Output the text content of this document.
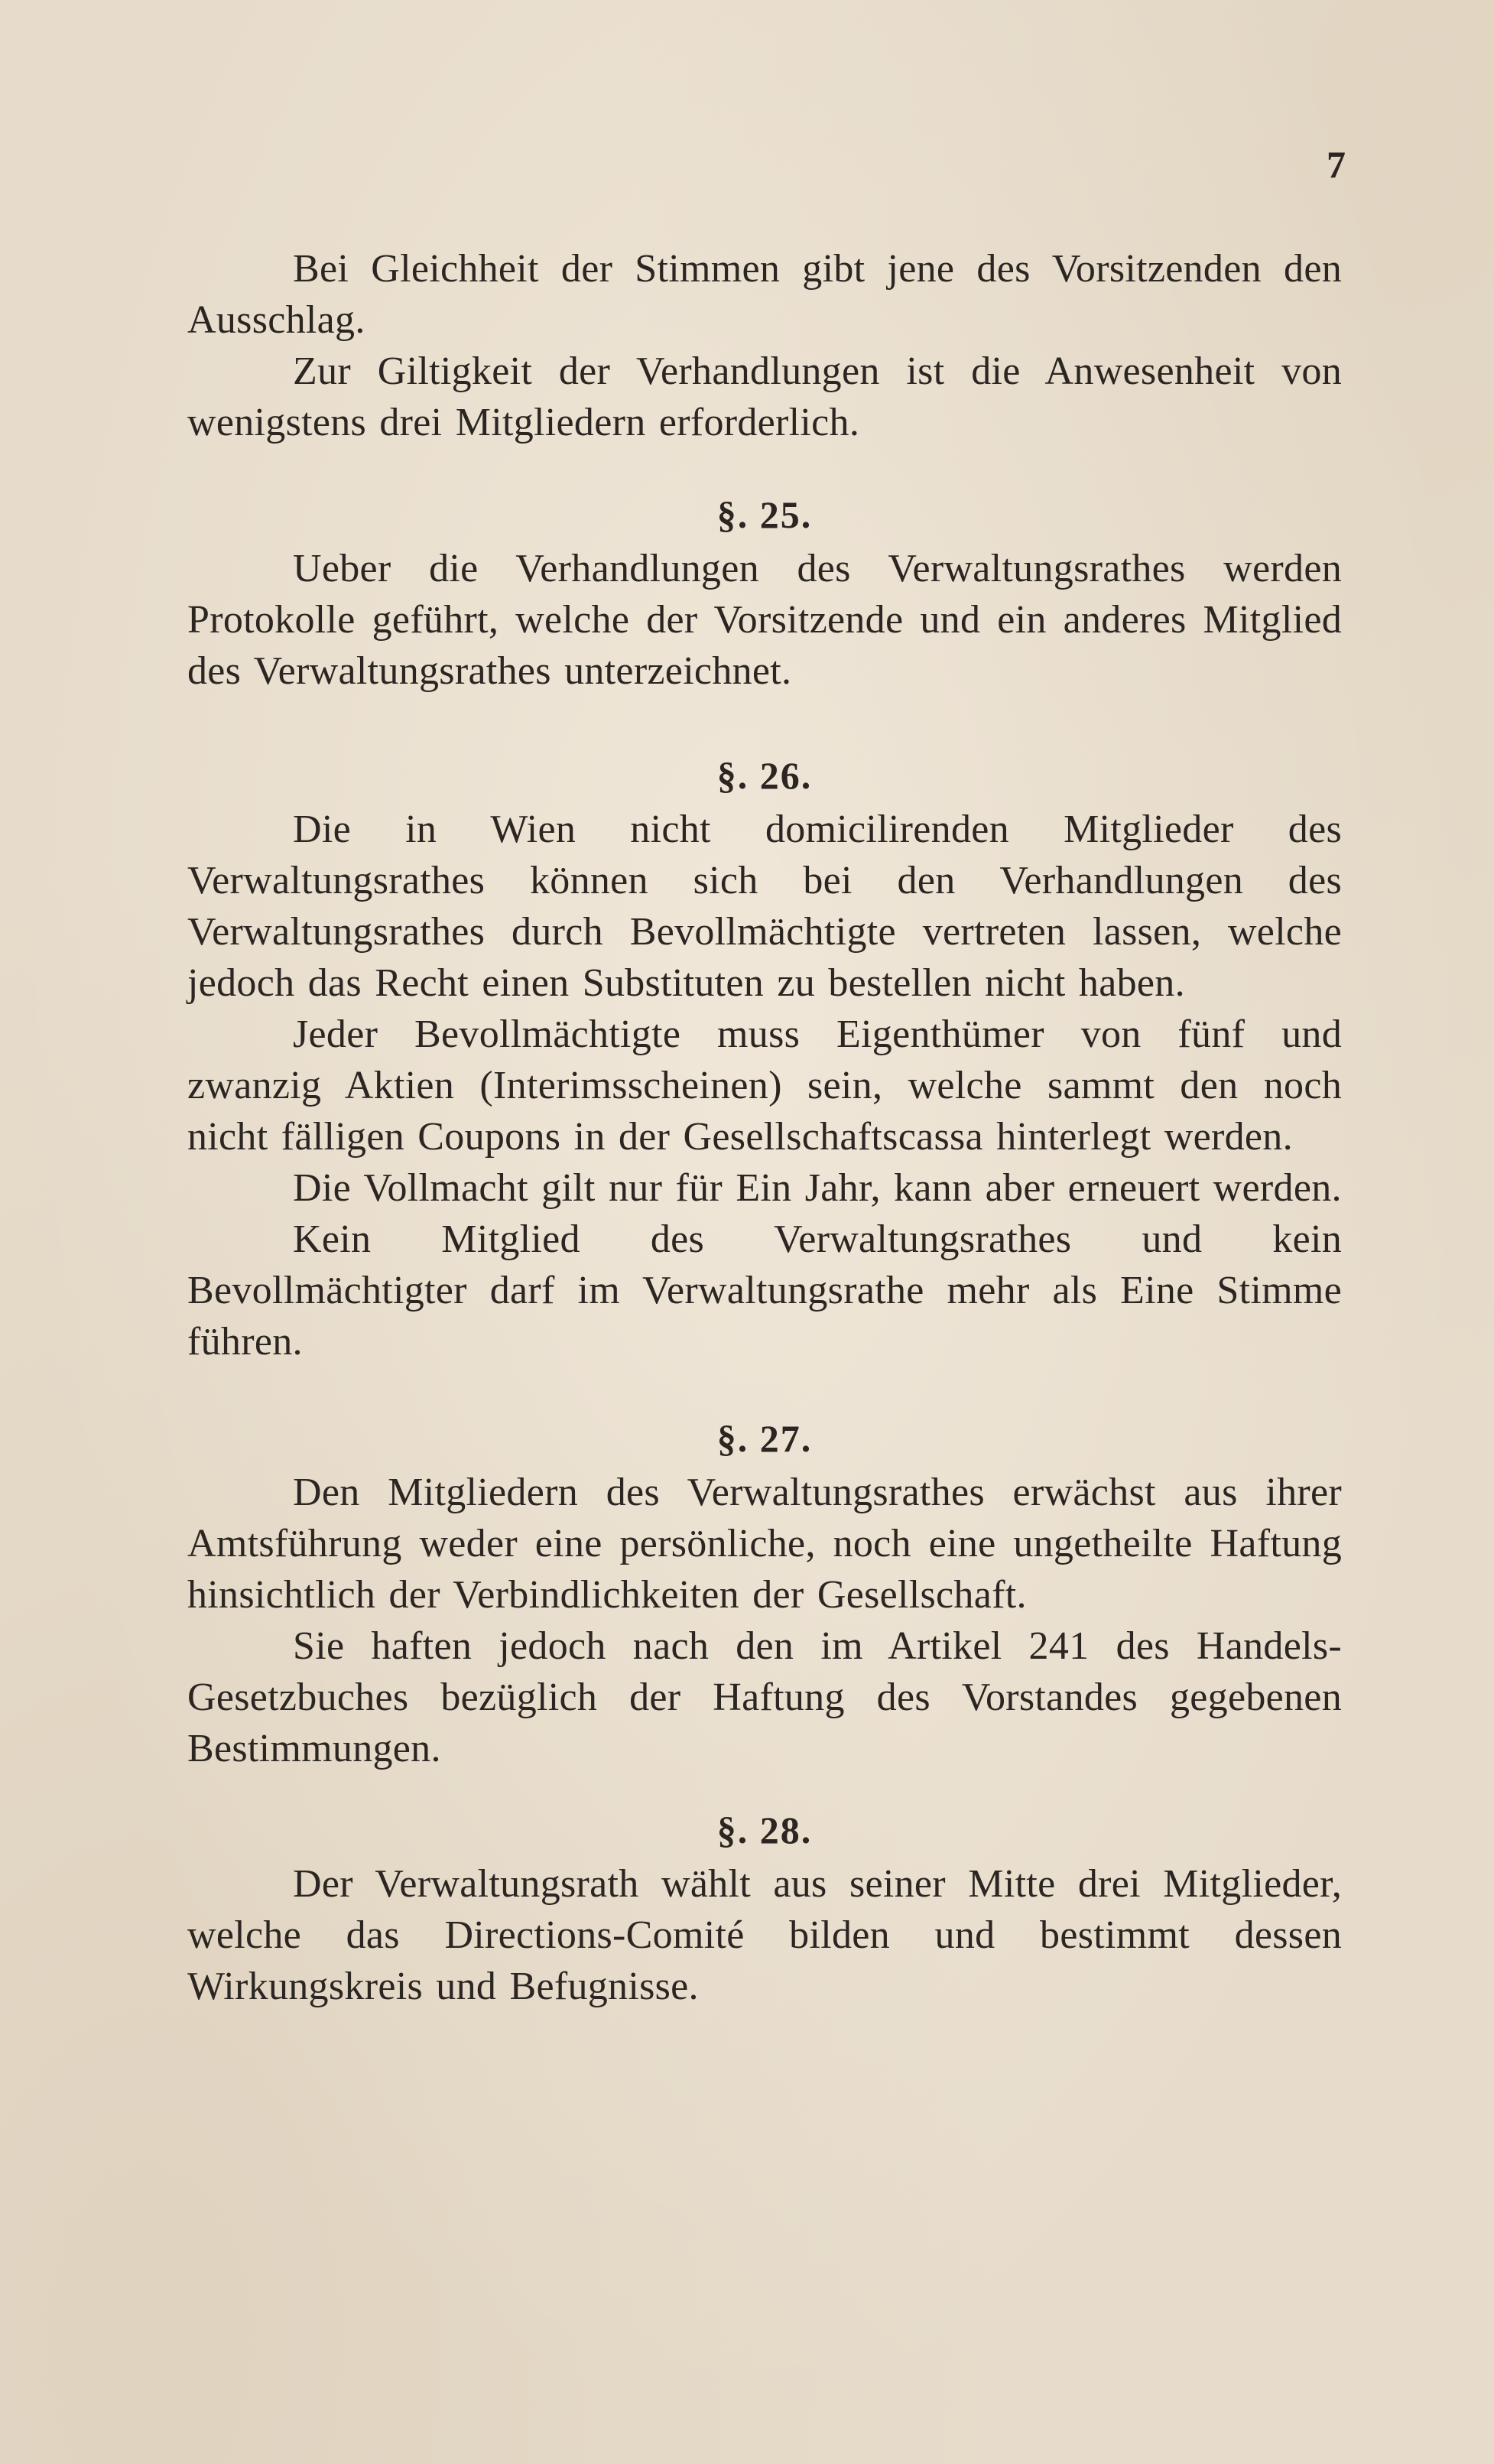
7

Bei Gleichheit der Stimmen gibt jene des Vorsitzenden den Ausschlag.

Zur Giltigkeit der Verhandlungen ist die Anwesenheit von wenigstens drei Mitgliedern erforderlich.

§. 25.

Ueber die Verhandlungen des Verwaltungsrathes werden Protokolle geführt, welche der Vorsitzende und ein anderes Mitglied des Verwaltungsrathes unterzeichnet.

§. 26.

Die in Wien nicht domicilirenden Mitglieder des Verwaltungsrathes können sich bei den Verhandlungen des Verwaltungsrathes durch Bevollmächtigte vertreten lassen, welche jedoch das Recht einen Substituten zu bestellen nicht haben.

Jeder Bevollmächtigte muss Eigenthümer von fünf und zwanzig Aktien (Interimsscheinen) sein, welche sammt den noch nicht fälligen Coupons in der Gesellschaftscassa hinterlegt werden.

Die Vollmacht gilt nur für Ein Jahr, kann aber erneuert werden.

Kein Mitglied des Verwaltungsrathes und kein Bevollmächtigter darf im Verwaltungsrathe mehr als Eine Stimme führen.

§. 27.

Den Mitgliedern des Verwaltungsrathes erwächst aus ihrer Amtsführung weder eine persönliche, noch eine ungetheilte Haftung hinsichtlich der Verbindlichkeiten der Gesellschaft.

Sie haften jedoch nach den im Artikel 241 des Handels-Gesetzbuches bezüglich der Haftung des Vorstandes gegebenen Bestimmungen.

§. 28.

Der Verwaltungsrath wählt aus seiner Mitte drei Mitglieder, welche das Directions-Comité bilden und bestimmt dessen Wirkungskreis und Befugnisse.
